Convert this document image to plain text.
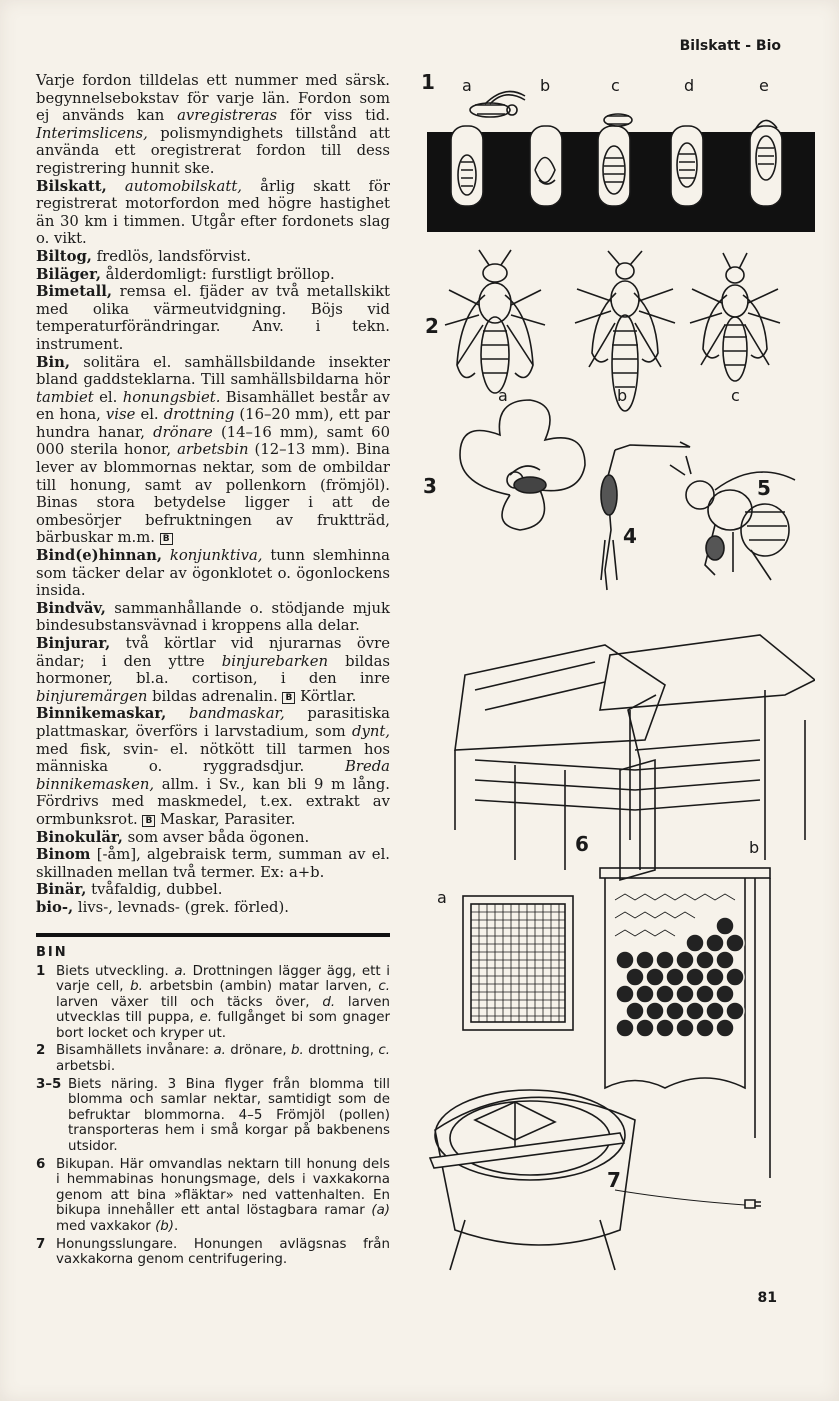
Bilskatt - Bio

Varje fordon tilldelas ett nummer med särsk. begynnelsebokstav för varje län. Fordon som ej används kan avregistreras för viss tid. Interimslicens, polismyndighets tillstånd att använda ett oregistrerat fordon till dess registrering hunnit ske.

Bilskatt, automobilskatt, årlig skatt för registrerat motorfordon med högre hastighet än 30 km i timmen. Utgår efter fordonets slag o. vikt.

Biltog, fredlös, landsförvist.

Biläger, ålderdomligt: furstligt bröllop.

Bimetall, remsa el. fjäder av två metallskikt med olika värmeutvidgning. Böjs vid temperaturförändringar. Anv. i tekn. instrument.

Bin, solitära el. samhällsbildande insekter bland gaddsteklarna. Till samhällsbildarna hör tambiet el. honungsbiet. Bisamhället består av en hona, vise el. drottning (16–20 mm), ett par hundra hanar, drönare (14–16 mm), samt 60 000 sterila honor, arbetsbin (12–13 mm). Bina lever av blommornas nektar, som de ombildar till honung, samt av pollenkorn (frömjöl). Binas stora betydelse ligger i att de ombesörjer befruktningen av fruktträd, bärbuskar m.m. B

Bind(e)hinnan, konjunktiva, tunn slemhinna som täcker delar av ögonklotet o. ögonlockens insida.

Bindväv, sammanhållande o. stödjande mjuk bindesubstansvävnad i kroppens alla delar.

Binjurar, två körtlar vid njurarnas övre ändar; i den yttre binjurebarken bildas hormoner, bl.a. cortison, i den inre binjuremärgen bildas adrenalin. B Körtlar.

Binnikemaskar, bandmaskar, parasitiska plattmaskar, överförs i larvstadium, som dynt, med fisk, svin- el. nötkött till tarmen hos människa o. ryggradsdjur. Breda binnikemasken, allm. i Sv., kan bli 9 m lång. Fördrivs med maskmedel, t.ex. extrakt av ormbunksrot. B Maskar, Parasiter.

Binokulär, som avser båda ögonen.

Binom [-åm], algebraisk term, summan av el. skillnaden mellan två termer. Ex: a+b.

Binär, tvåfaldig, dubbel.

bio-, livs-, levnads- (grek. förled).

BIN
1 Biets utveckling. a. Drottningen lägger ägg, ett i varje cell, b. arbetsbin (ambin) matar larven, c. larven växer till och täcks över, d. larven utvecklas till puppa, e. fullgånget bi som gnager bort locket och kryper ut.
2 Bisamhällets invånare: a. drönare, b. drottning, c. arbetsbi.
3–5 Biets näring. 3 Bina flyger från blomma till blomma och samlar nektar, samtidigt som de befruktar blommorna. 4–5 Frömjöl (pollen) transporteras hem i små korgar på bakbenens utsidor.
6 Bikupan. Här omvandlas nektarn till honung dels i hemmabinas honungsmage, dels i vaxkakorna genom att bina »fläktar» ned vattenhalten. En bikupa innehåller ett antal löstagbara ramar (a) med vaxkakor (b).
7 Honungsslungare. Honungen avlägsnas från vaxkakorna genom centrifugering.
1 a	b	c	d	e
2
a	b	c
3
4
5
6
a
b
7
81
